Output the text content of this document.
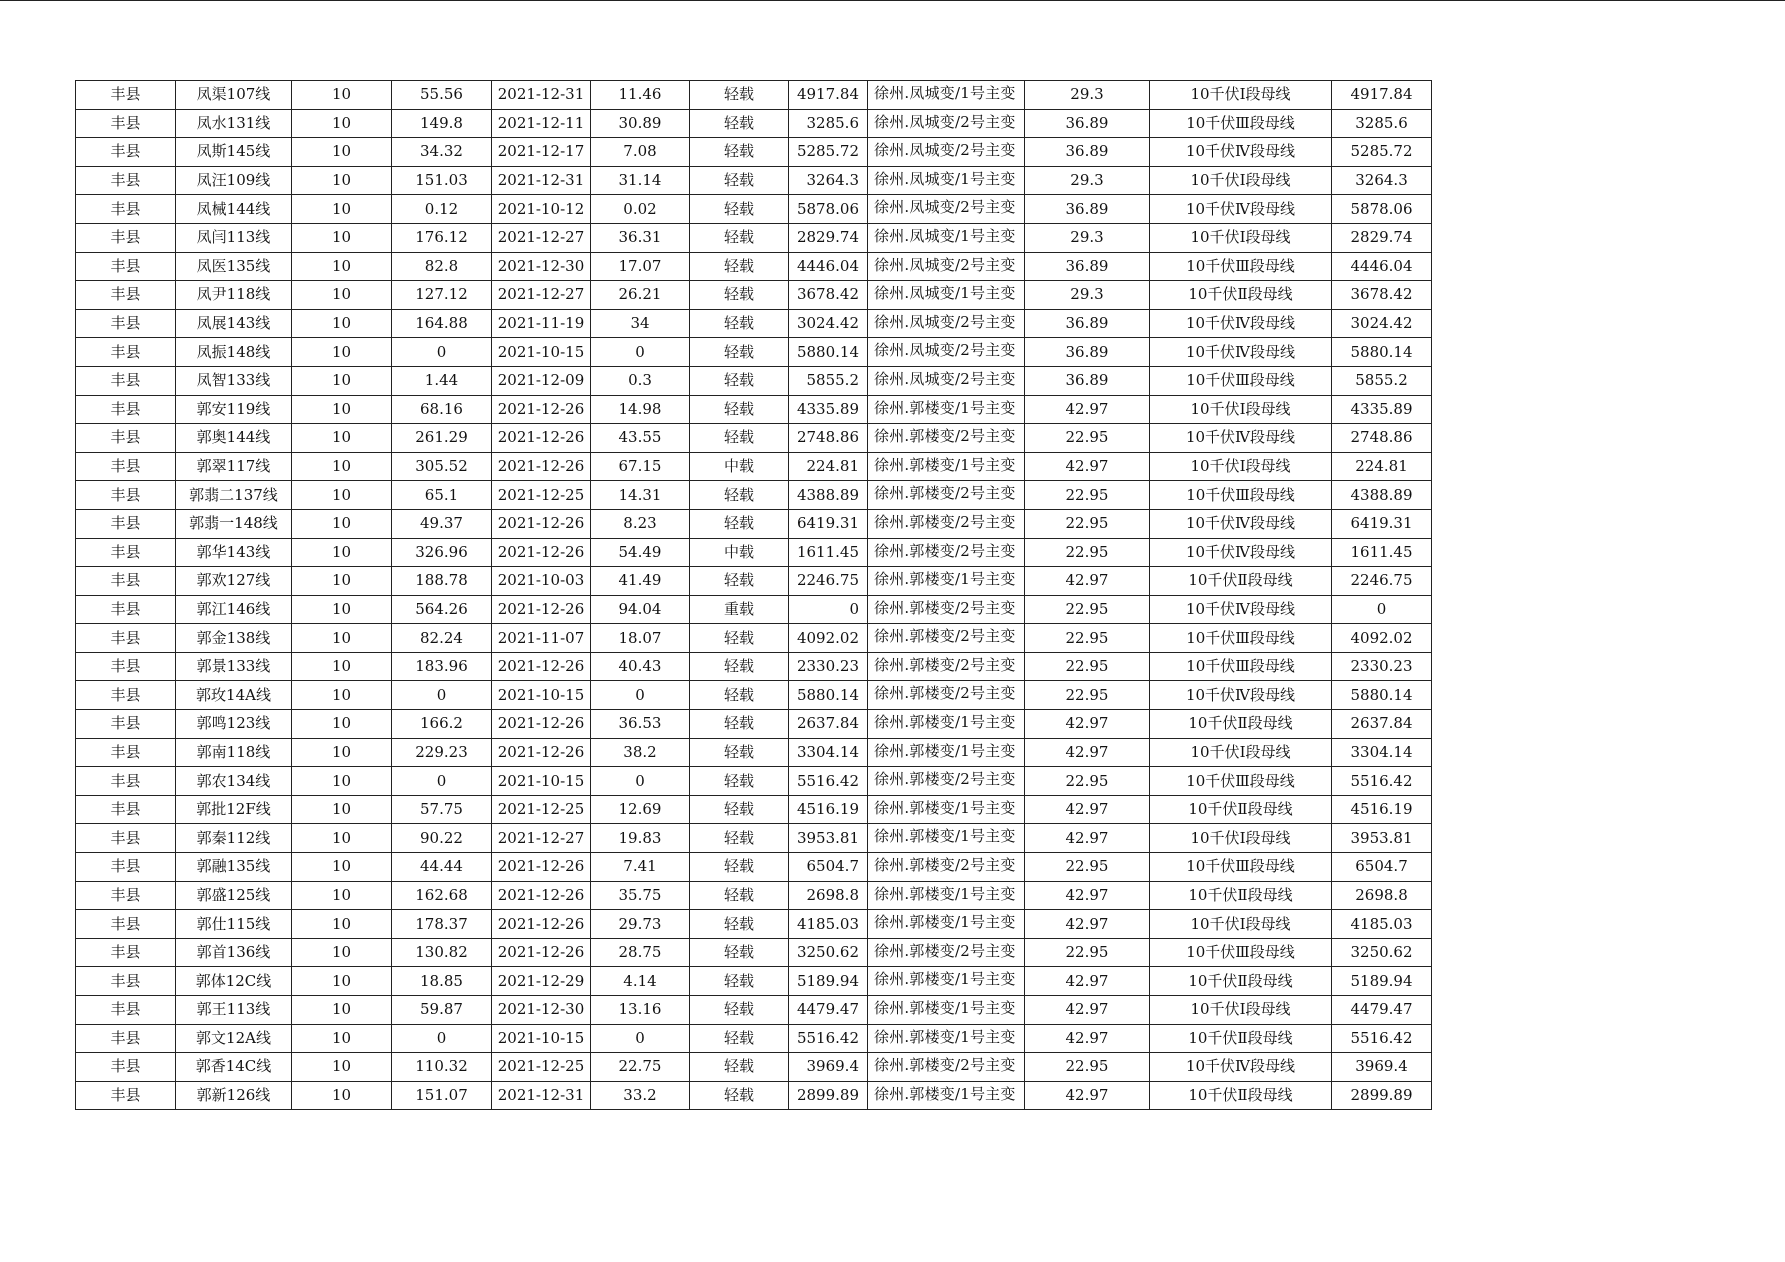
丰县	凤渠107线	10	55.56	2021-12-31	11.46	轻载	4917.84	徐州.凤城变/1号主变	29.3	10千伏Ⅰ段母线	4917.84
丰县	凤水131线	10	149.8	2021-12-11	30.89	轻载	3285.6	徐州.凤城变/2号主变	36.89	10千伏Ⅲ段母线	3285.6
丰县	凤斯145线	10	34.32	2021-12-17	7.08	轻载	5285.72	徐州.凤城变/2号主变	36.89	10千伏Ⅳ段母线	5285.72
丰县	凤汪109线	10	151.03	2021-12-31	31.14	轻载	3264.3	徐州.凤城变/1号主变	29.3	10千伏Ⅰ段母线	3264.3
丰县	凤械144线	10	0.12	2021-10-12	0.02	轻载	5878.06	徐州.凤城变/2号主变	36.89	10千伏Ⅳ段母线	5878.06
丰县	凤闫113线	10	176.12	2021-12-27	36.31	轻载	2829.74	徐州.凤城变/1号主变	29.3	10千伏Ⅰ段母线	2829.74
丰县	凤医135线	10	82.8	2021-12-30	17.07	轻载	4446.04	徐州.凤城变/2号主变	36.89	10千伏Ⅲ段母线	4446.04
丰县	凤尹118线	10	127.12	2021-12-27	26.21	轻载	3678.42	徐州.凤城变/1号主变	29.3	10千伏Ⅱ段母线	3678.42
丰县	凤展143线	10	164.88	2021-11-19	34	轻载	3024.42	徐州.凤城变/2号主变	36.89	10千伏Ⅳ段母线	3024.42
丰县	凤振148线	10	0	2021-10-15	0	轻载	5880.14	徐州.凤城变/2号主变	36.89	10千伏Ⅳ段母线	5880.14
丰县	凤智133线	10	1.44	2021-12-09	0.3	轻载	5855.2	徐州.凤城变/2号主变	36.89	10千伏Ⅲ段母线	5855.2
丰县	郭安119线	10	68.16	2021-12-26	14.98	轻载	4335.89	徐州.郭楼变/1号主变	42.97	10千伏Ⅰ段母线	4335.89
丰县	郭奥144线	10	261.29	2021-12-26	43.55	轻载	2748.86	徐州.郭楼变/2号主变	22.95	10千伏Ⅳ段母线	2748.86
丰县	郭翠117线	10	305.52	2021-12-26	67.15	中载	224.81	徐州.郭楼变/1号主变	42.97	10千伏Ⅰ段母线	224.81
丰县	郭翡二137线	10	65.1	2021-12-25	14.31	轻载	4388.89	徐州.郭楼变/2号主变	22.95	10千伏Ⅲ段母线	4388.89
丰县	郭翡一148线	10	49.37	2021-12-26	8.23	轻载	6419.31	徐州.郭楼变/2号主变	22.95	10千伏Ⅳ段母线	6419.31
丰县	郭华143线	10	326.96	2021-12-26	54.49	中载	1611.45	徐州.郭楼变/2号主变	22.95	10千伏Ⅳ段母线	1611.45
丰县	郭欢127线	10	188.78	2021-10-03	41.49	轻载	2246.75	徐州.郭楼变/1号主变	42.97	10千伏Ⅱ段母线	2246.75
丰县	郭江146线	10	564.26	2021-12-26	94.04	重载	0	徐州.郭楼变/2号主变	22.95	10千伏Ⅳ段母线	0
丰县	郭金138线	10	82.24	2021-11-07	18.07	轻载	4092.02	徐州.郭楼变/2号主变	22.95	10千伏Ⅲ段母线	4092.02
丰县	郭景133线	10	183.96	2021-12-26	40.43	轻载	2330.23	徐州.郭楼变/2号主变	22.95	10千伏Ⅲ段母线	2330.23
丰县	郭玫14A线	10	0	2021-10-15	0	轻载	5880.14	徐州.郭楼变/2号主变	22.95	10千伏Ⅳ段母线	5880.14
丰县	郭鸣123线	10	166.2	2021-12-26	36.53	轻载	2637.84	徐州.郭楼变/1号主变	42.97	10千伏Ⅱ段母线	2637.84
丰县	郭南118线	10	229.23	2021-12-26	38.2	轻载	3304.14	徐州.郭楼变/1号主变	42.97	10千伏Ⅰ段母线	3304.14
丰县	郭农134线	10	0	2021-10-15	0	轻载	5516.42	徐州.郭楼变/2号主变	22.95	10千伏Ⅲ段母线	5516.42
丰县	郭批12F线	10	57.75	2021-12-25	12.69	轻载	4516.19	徐州.郭楼变/1号主变	42.97	10千伏Ⅱ段母线	4516.19
丰县	郭秦112线	10	90.22	2021-12-27	19.83	轻载	3953.81	徐州.郭楼变/1号主变	42.97	10千伏Ⅰ段母线	3953.81
丰县	郭融135线	10	44.44	2021-12-26	7.41	轻载	6504.7	徐州.郭楼变/2号主变	22.95	10千伏Ⅲ段母线	6504.7
丰县	郭盛125线	10	162.68	2021-12-26	35.75	轻载	2698.8	徐州.郭楼变/1号主变	42.97	10千伏Ⅱ段母线	2698.8
丰县	郭仕115线	10	178.37	2021-12-26	29.73	轻载	4185.03	徐州.郭楼变/1号主变	42.97	10千伏Ⅰ段母线	4185.03
丰县	郭首136线	10	130.82	2021-12-26	28.75	轻载	3250.62	徐州.郭楼变/2号主变	22.95	10千伏Ⅲ段母线	3250.62
丰县	郭体12C线	10	18.85	2021-12-29	4.14	轻载	5189.94	徐州.郭楼变/1号主变	42.97	10千伏Ⅱ段母线	5189.94
丰县	郭王113线	10	59.87	2021-12-30	13.16	轻载	4479.47	徐州.郭楼变/1号主变	42.97	10千伏Ⅰ段母线	4479.47
丰县	郭文12A线	10	0	2021-10-15	0	轻载	5516.42	徐州.郭楼变/1号主变	42.97	10千伏Ⅱ段母线	5516.42
丰县	郭香14C线	10	110.32	2021-12-25	22.75	轻载	3969.4	徐州.郭楼变/2号主变	22.95	10千伏Ⅳ段母线	3969.4
丰县	郭新126线	10	151.07	2021-12-31	33.2	轻载	2899.89	徐州.郭楼变/1号主变	42.97	10千伏Ⅱ段母线	2899.89
